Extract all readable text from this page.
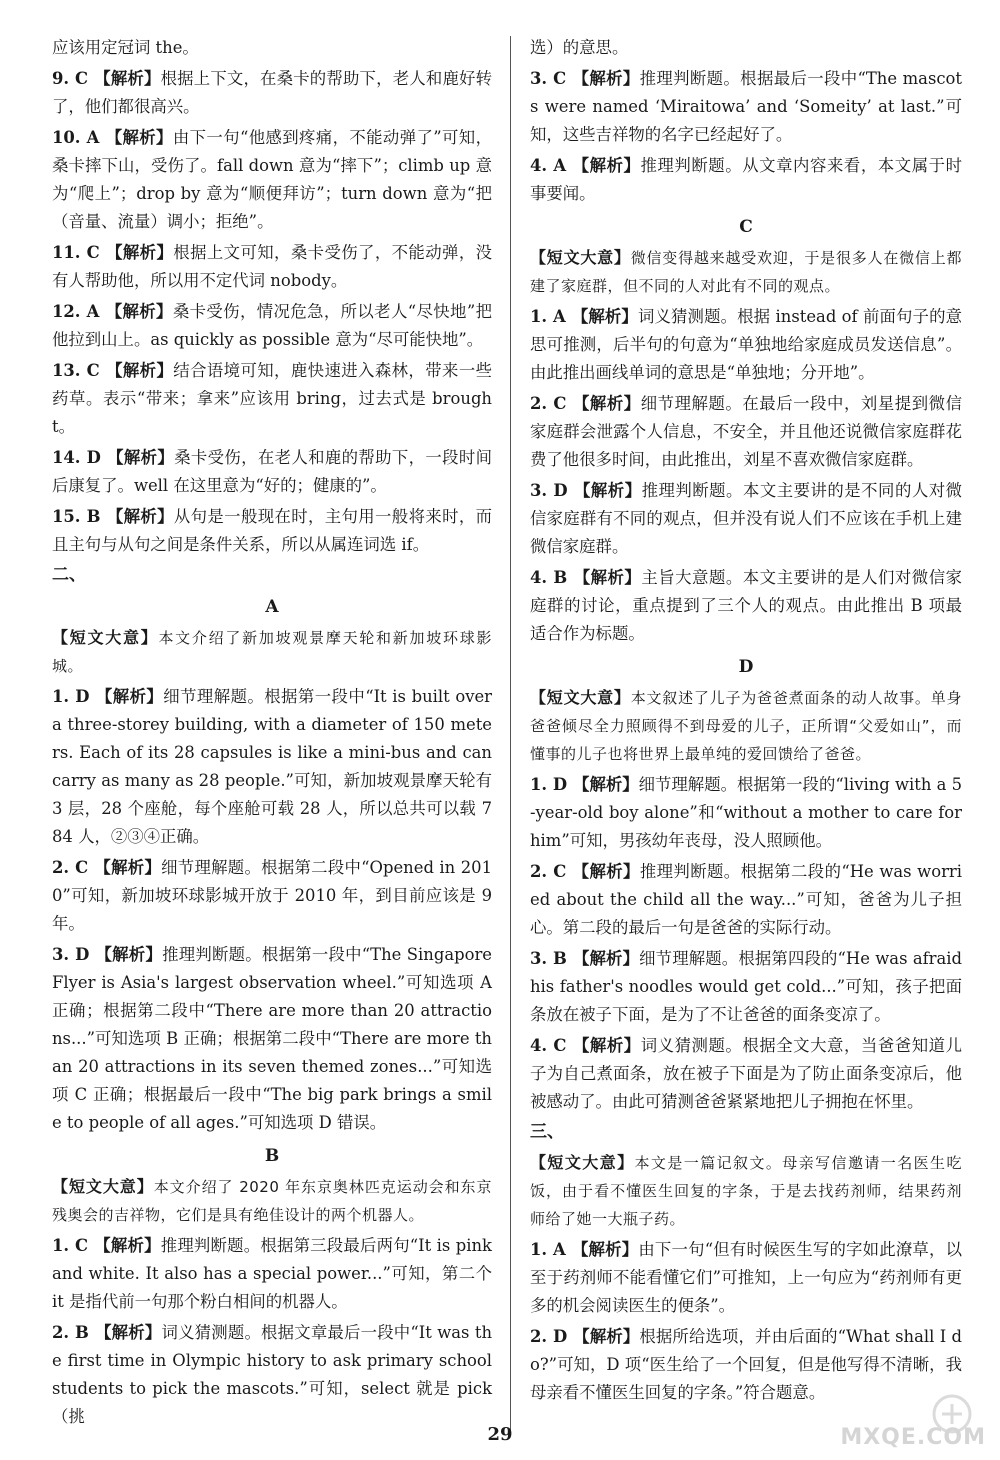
应该用定冠词 the。
9. C 【解析】根据上下文，在桑卡的帮助下，老人和鹿好转了，他们都很高兴。
10. A 【解析】由下一句“他感到疼痛，不能动弹了”可知，桑卡摔下山，受伤了。fall down 意为“摔下”；climb up 意为“爬上”；drop by 意为“顺便拜访”；turn down 意为“把（音量、流量）调小；拒绝”。
11. C 【解析】根据上文可知，桑卡受伤了，不能动弹，没有人帮助他，所以用不定代词 nobody。
12. A 【解析】桑卡受伤，情况危急，所以老人“尽快地”把他拉到山上。as quickly as possible 意为“尽可能快地”。
13. C 【解析】结合语境可知，鹿快速进入森林，带来一些药草。表示“带来；拿来”应该用 bring，过去式是 brought。
14. D 【解析】桑卡受伤，在老人和鹿的帮助下，一段时间后康复了。well 在这里意为“好的；健康的”。
15. B 【解析】从句是一般现在时，主句用一般将来时，而且主句与从句之间是条件关系，所以从属连词选 if。
二、
A
【短文大意】本文介绍了新加坡观景摩天轮和新加坡环球影城。
1. D 【解析】细节理解题。根据第一段中“It is built over a three-storey building, with a diameter of 150 meters. Each of its 28 capsules is like a mini-bus and can carry as many as 28 people.”可知，新加坡观景摩天轮有 3 层，28 个座舱，每个座舱可载 28 人，所以总共可以载 784 人，②③④正确。
2. C 【解析】细节理解题。根据第二段中“Opened in 2010”可知，新加坡环球影城开放于 2010 年，到目前应该是 9 年。
3. D 【解析】推理判断题。根据第一段中“The Singapore Flyer is Asia's largest observation wheel.”可知选项 A 正确；根据第二段中“There are more than 20 attractions...”可知选项 B 正确；根据第二段中“There are more than 20 attractions in its seven themed zones...”可知选项 C 正确；根据最后一段中“The big park brings a smile to people of all ages.”可知选项 D 错误。
B
【短文大意】本文介绍了 2020 年东京奥林匹克运动会和东京残奥会的吉祥物，它们是具有绝佳设计的两个机器人。
1. C 【解析】推理判断题。根据第三段最后两句“It is pink and white. It also has a special power...”可知，第二个 it 是指代前一句那个粉白相间的机器人。
2. B 【解析】词义猜测题。根据文章最后一段中“It was the first time in Olympic history to ask primary school students to pick the mascots.”可知，select 就是 pick（挑
选）的意思。
3. C 【解析】推理判断题。根据最后一段中“The mascots were named ‘Miraitowa’ and ‘Someity’ at last.”可知，这些吉祥物的名字已经起好了。
4. A 【解析】推理判断题。从文章内容来看，本文属于时事要闻。
C
【短文大意】微信变得越来越受欢迎，于是很多人在微信上都建了家庭群，但不同的人对此有不同的观点。
1. A 【解析】词义猜测题。根据 instead of 前面句子的意思可推测，后半句的句意为“单独地给家庭成员发送信息”。由此推出画线单词的意思是“单独地；分开地”。
2. C 【解析】细节理解题。在最后一段中，刘星提到微信家庭群会泄露个人信息，不安全，并且他还说微信家庭群花费了他很多时间，由此推出，刘星不喜欢微信家庭群。
3. D 【解析】推理判断题。本文主要讲的是不同的人对微信家庭群有不同的观点，但并没有说人们不应该在手机上建微信家庭群。
4. B 【解析】主旨大意题。本文主要讲的是人们对微信家庭群的讨论，重点提到了三个人的观点。由此推出 B 项最适合作为标题。
D
【短文大意】本文叙述了儿子为爸爸煮面条的动人故事。单身爸爸倾尽全力照顾得不到母爱的儿子，正所谓“父爱如山”，而懂事的儿子也将世界上最单纯的爱回馈给了爸爸。
1. D 【解析】细节理解题。根据第一段的“living with a 5-year-old boy alone”和“without a mother to care for him”可知，男孩幼年丧母，没人照顾他。
2. C 【解析】推理判断题。根据第二段的“He was worried about the child all the way...”可知，爸爸为儿子担心。第二段的最后一句是爸爸的实际行动。
3. B 【解析】细节理解题。根据第四段的“He was afraid his father's noodles would get cold...”可知，孩子把面条放在被子下面，是为了不让爸爸的面条变凉了。
4. C 【解析】词义猜测题。根据全文大意，当爸爸知道儿子为自己煮面条，放在被子下面是为了防止面条变凉后，他被感动了。由此可猜测爸爸紧紧地把儿子拥抱在怀里。
三、
【短文大意】本文是一篇记叙文。母亲写信邀请一名医生吃饭，由于看不懂医生回复的字条，于是去找药剂师，结果药剂师给了她一大瓶子药。
1. A 【解析】由下一句“但有时候医生写的字如此潦草，以至于药剂师不能看懂它们”可推知，上一句应为“药剂师有更多的机会阅读医生的便条”。
2. D 【解析】根据所给选项，并由后面的“What shall I do?”可知，D 项“医生给了一个回复，但是他写得不清晰，我母亲看不懂医生回复的字条。”符合题意。
29	MXQE.COM
